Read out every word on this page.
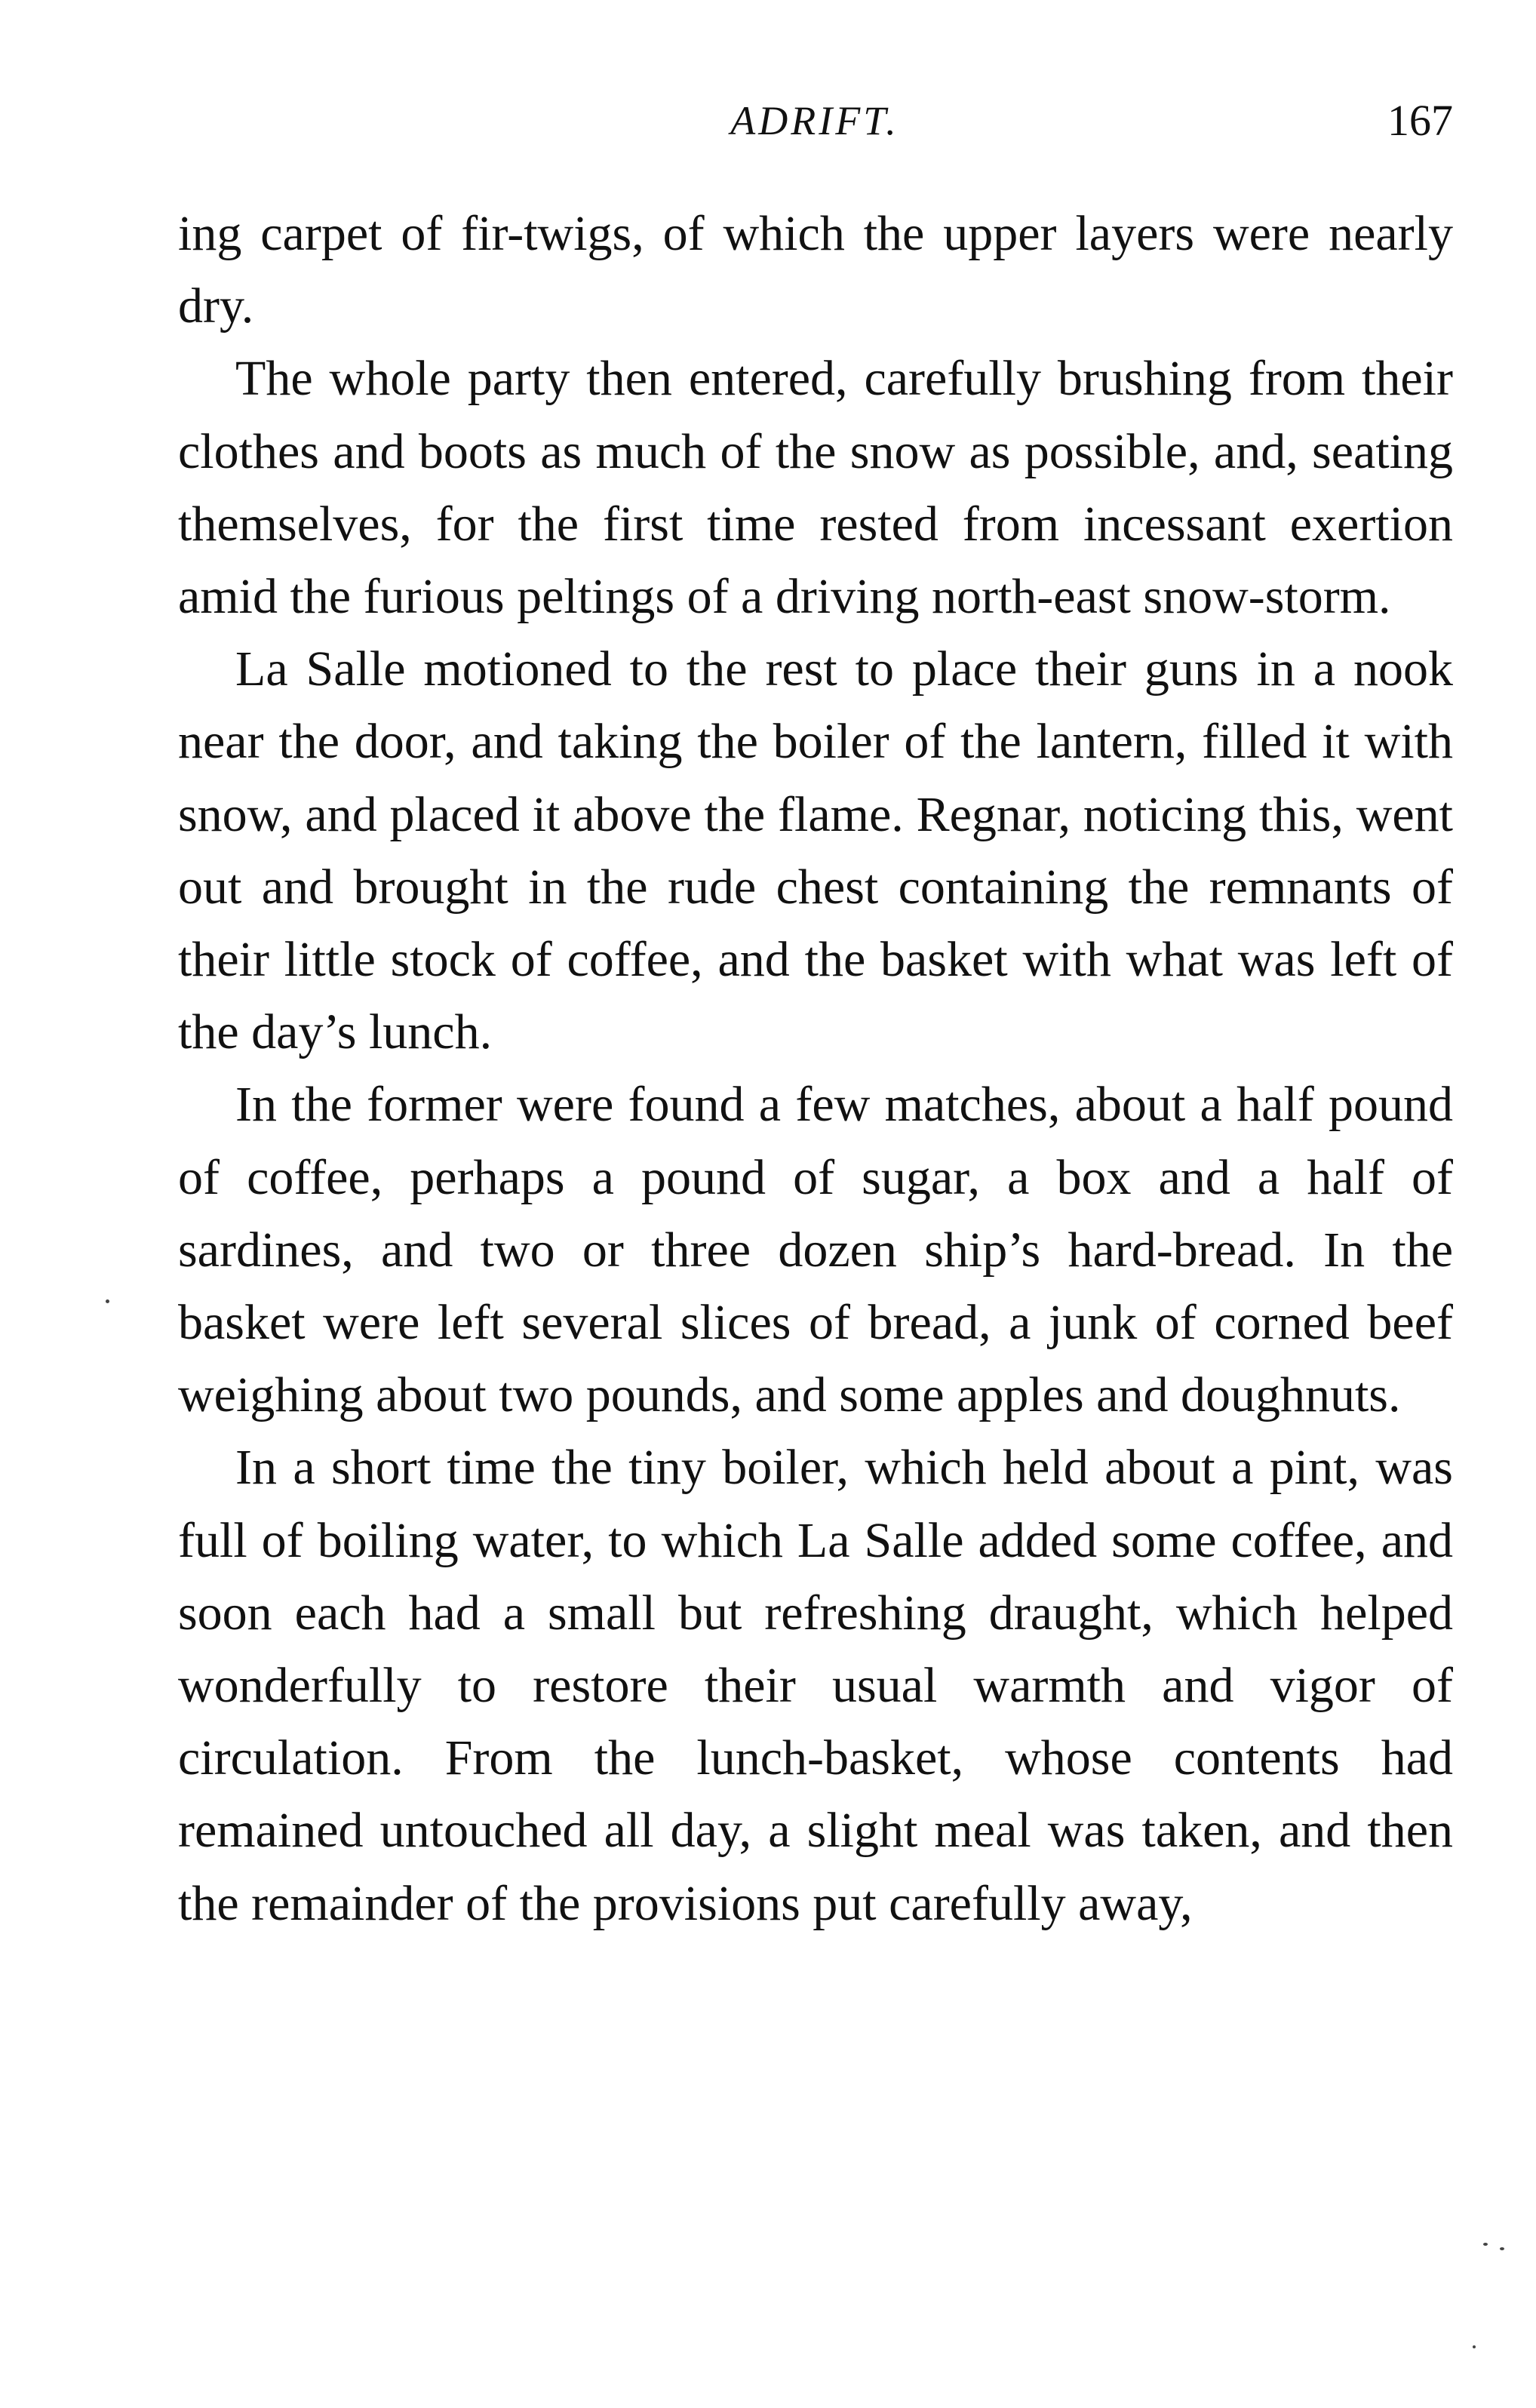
ADRIFT.	167

ing carpet of fir-twigs, of which the upper layers were nearly dry.

The whole party then entered, carefully brushing from their clothes and boots as much of the snow as possible, and, seating themselves, for the first time rested from incessant exertion amid the furious peltings of a driving north-east snow-storm.

La Salle motioned to the rest to place their guns in a nook near the door, and taking the boiler of the lantern, filled it with snow, and placed it above the flame. Regnar, noticing this, went out and brought in the rude chest containing the remnants of their little stock of coffee, and the basket with what was left of the day’s lunch.

In the former were found a few matches, about a half pound of coffee, perhaps a pound of sugar, a box and a half of sardines, and two or three dozen ship’s hard-bread. In the basket were left several slices of bread, a junk of corned beef weighing about two pounds, and some apples and doughnuts.

In a short time the tiny boiler, which held about a pint, was full of boiling water, to which La Salle added some coffee, and soon each had a small but refreshing draught, which helped wonderfully to restore their usual warmth and vigor of circulation. From the lunch-basket, whose contents had remained untouched all day, a slight meal was taken, and then the remainder of the provisions put carefully away,
